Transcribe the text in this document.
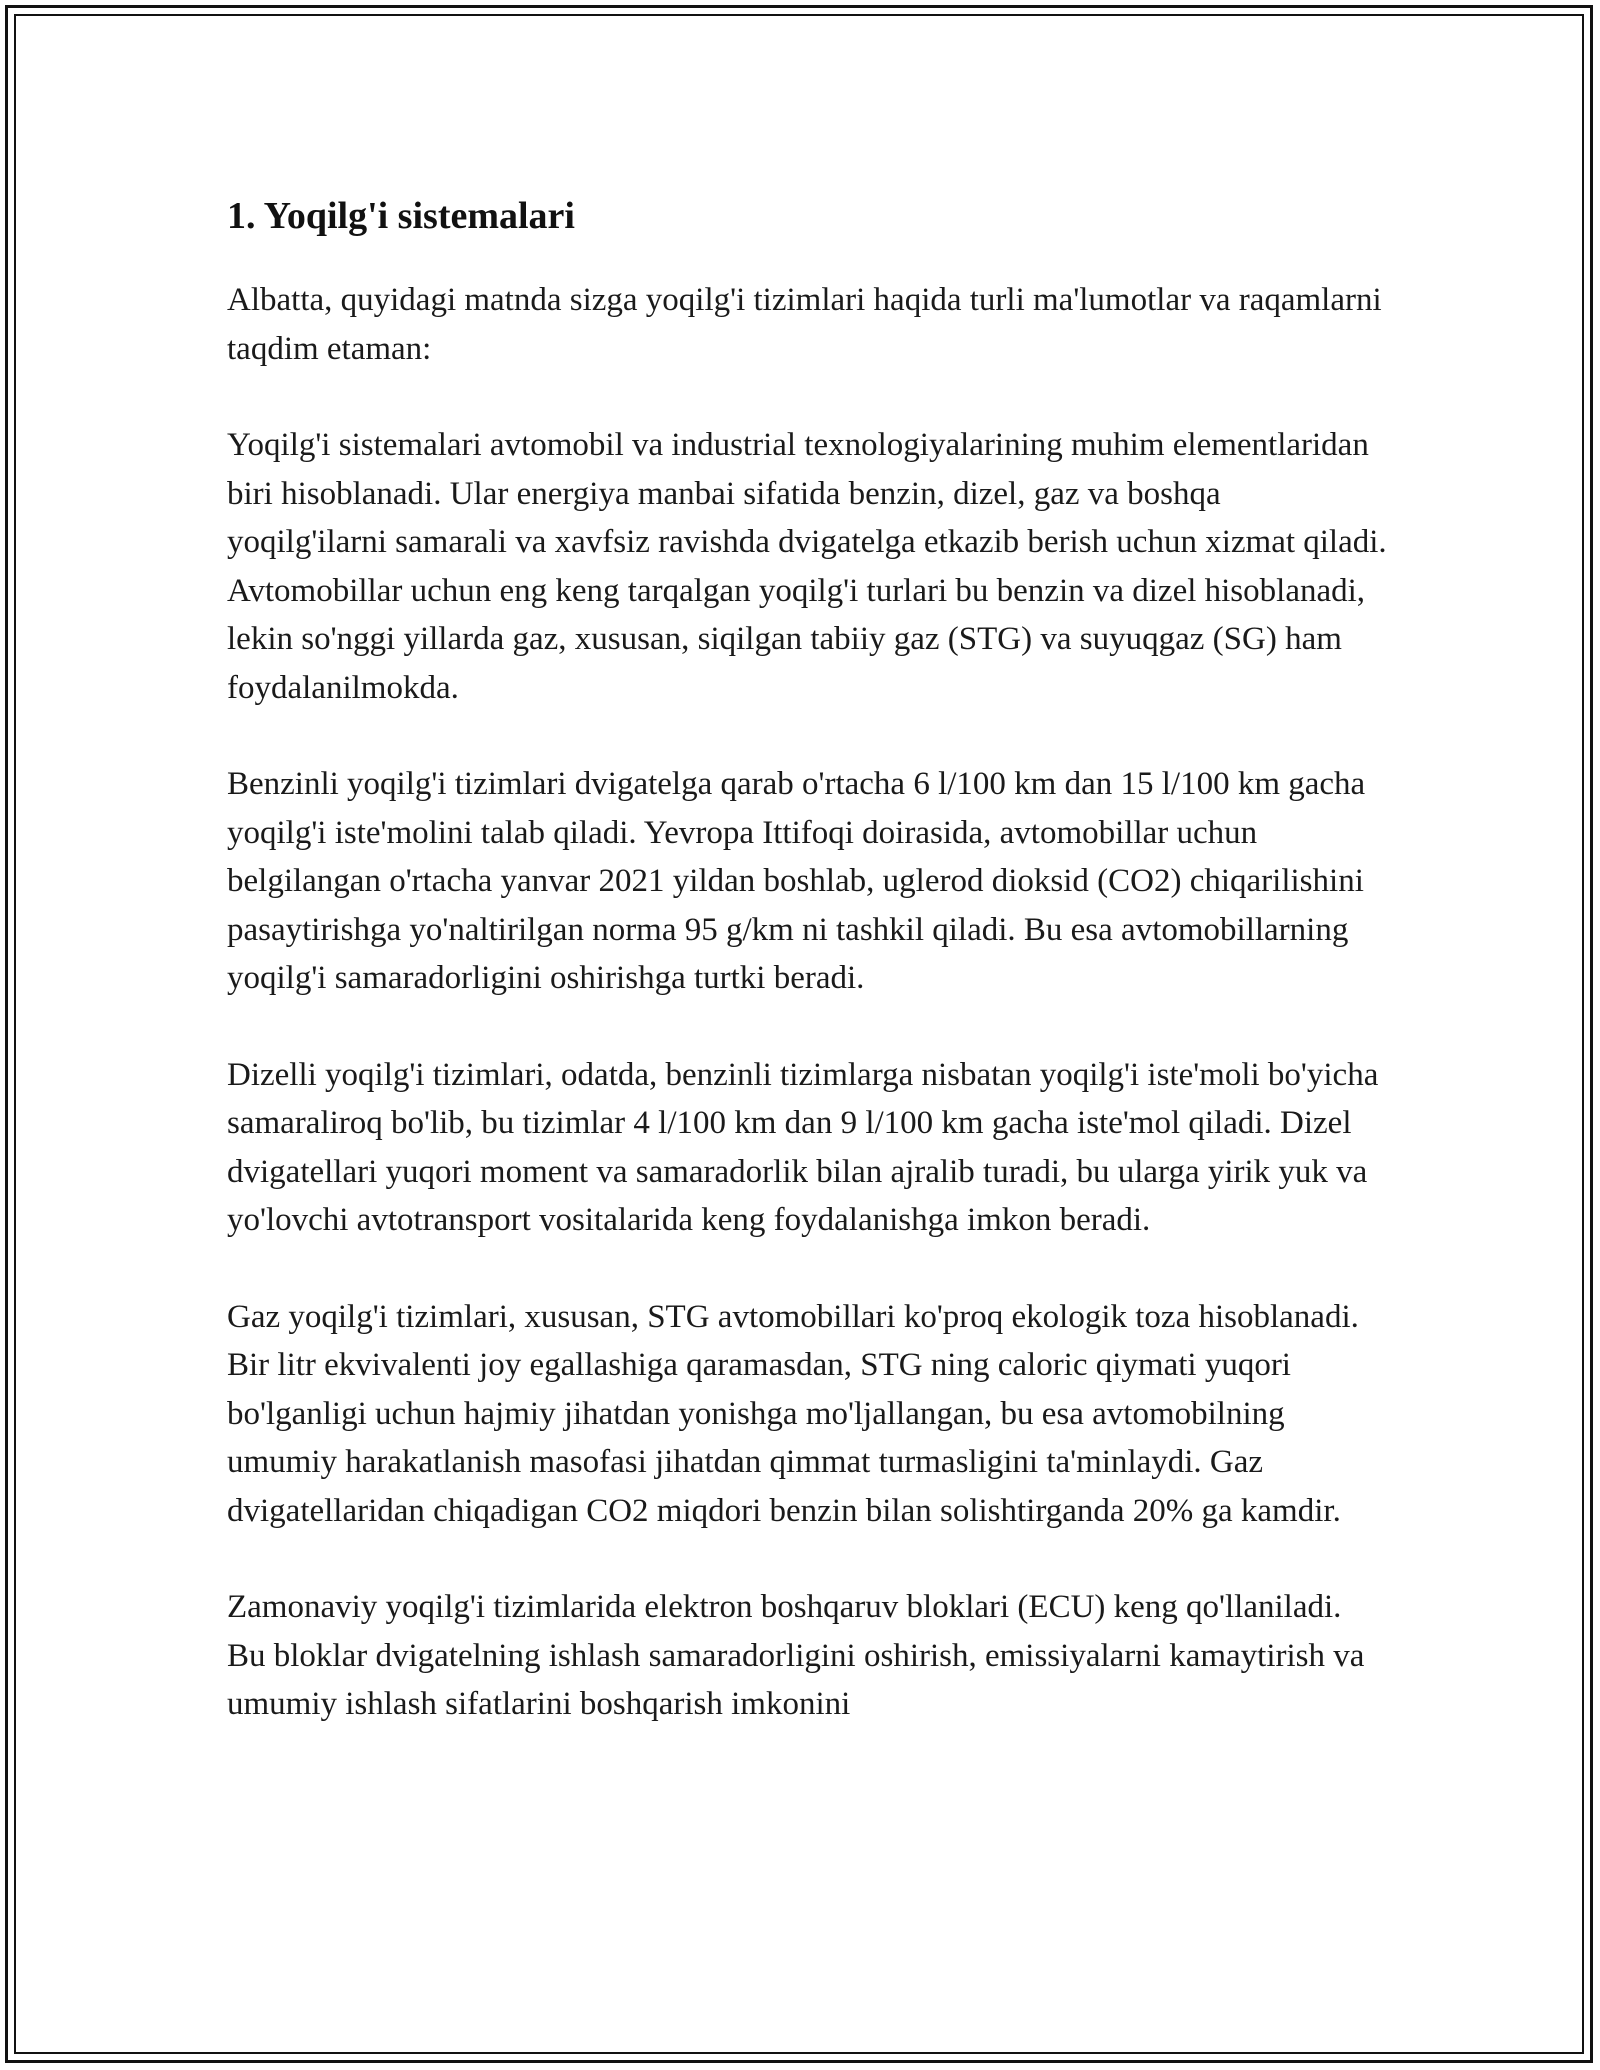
1. Yoqilg'i sistemalari

Albatta, quyidagi matnda sizga yoqilg'i tizimlari haqida turli ma'lumotlar va raqamlarni taqdim etaman:

Yoqilg'i sistemalari avtomobil va industrial texnologiyalarining muhim elementlaridan biri hisoblanadi. Ular energiya manbai sifatida benzin, dizel, gaz va boshqa yoqilg'ilarni samarali va xavfsiz ravishda dvigatelga etkazib berish uchun xizmat qiladi. Avtomobillar uchun eng keng tarqalgan yoqilg'i turlari bu benzin va dizel hisoblanadi, lekin so'nggi yillarda gaz, xususan, siqilgan tabiiy gaz (STG) va suyuqgaz (SG) ham foydalanilmokda.

Benzinli yoqilg'i tizimlari dvigatelga qarab o'rtacha 6 l/100 km dan 15 l/100 km gacha yoqilg'i iste'molini talab qiladi. Yevropa Ittifoqi doirasida, avtomobillar uchun belgilangan o'rtacha yanvar 2021 yildan boshlab, uglerod dioksid (CO2) chiqarilishini pasaytirishga yo'naltirilgan norma 95 g/km ni tashkil qiladi. Bu esa avtomobillarning yoqilg'i samaradorligini oshirishga turtki beradi.

Dizelli yoqilg'i tizimlari, odatda, benzinli tizimlarga nisbatan yoqilg'i iste'moli bo'yicha samaraliroq bo'lib, bu tizimlar 4 l/100 km dan 9 l/100 km gacha iste'mol qiladi. Dizel dvigatellari yuqori moment va samaradorlik bilan ajralib turadi, bu ularga yirik yuk va yo'lovchi avtotransport vositalarida keng foydalanishga imkon beradi.

Gaz yoqilg'i tizimlari, xususan, STG avtomobillari ko'proq ekologik toza hisoblanadi. Bir litr ekvivalenti joy egallashiga qaramasdan, STG ning caloric qiymati yuqori bo'lganligi uchun hajmiy jihatdan yonishga mo'ljallangan, bu esa avtomobilning umumiy harakatlanish masofasi jihatdan qimmat turmasligini ta'minlaydi. Gaz dvigatellaridan chiqadigan CO2 miqdori benzin bilan solishtirganda 20% ga kamdir.

Zamonaviy yoqilg'i tizimlarida elektron boshqaruv bloklari (ECU) keng qo'llaniladi. Bu bloklar dvigatelning ishlash samaradorligini oshirish, emissiyalarni kamaytirish va umumiy ishlash sifatlarini boshqarish imkonini
